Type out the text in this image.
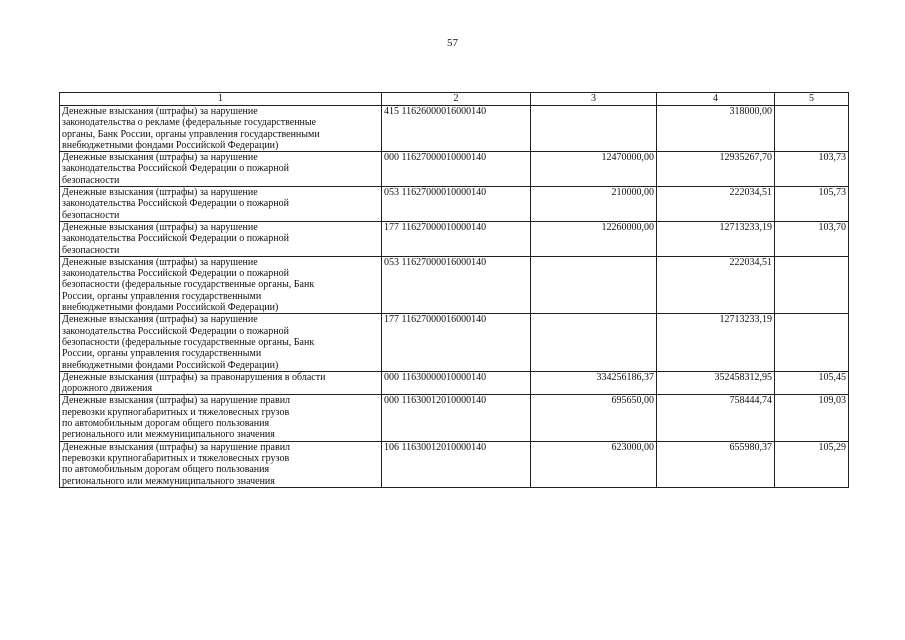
57
1	2	3	4	5
Денежные взыскания (штрафы) за нарушение
законодательства о рекламе (федеральные государственные
органы, Банк России, органы управления государственными
внебюджетными фондами Российской Федерации)	415 11626000016000140		318000,00	
Денежные взыскания (штрафы) за нарушение
законодательства Российской Федерации о пожарной
безопасности	000 11627000010000140	12470000,00	12935267,70	103,73
Денежные взыскания (штрафы) за нарушение
законодательства Российской Федерации о пожарной
безопасности	053 11627000010000140	210000,00	222034,51	105,73
Денежные взыскания (штрафы) за нарушение
законодательства Российской Федерации о пожарной
безопасности	177 11627000010000140	12260000,00	12713233,19	103,70
Денежные взыскания (штрафы) за нарушение
законодательства Российской Федерации о пожарной
безопасности (федеральные государственные органы, Банк
России, органы управления государственными
внебюджетными фондами Российской Федерации)	053 11627000016000140		222034,51	
Денежные взыскания (штрафы) за нарушение
законодательства Российской Федерации о пожарной
безопасности (федеральные государственные органы, Банк
России, органы управления государственными
внебюджетными фондами Российской Федерации)	177 11627000016000140		12713233,19	
Денежные взыскания (штрафы) за правонарушения в области
дорожного движения	000 11630000010000140	334256186,37	352458312,95	105,45
Денежные взыскания (штрафы) за нарушение правил
перевозки крупногабаритных и тяжеловесных грузов
по автомобильным дорогам общего пользования
регионального или межмуниципального значения	000 11630012010000140	695650,00	758444,74	109,03
Денежные взыскания (штрафы) за нарушение правил
перевозки крупногабаритных и тяжеловесных грузов
по автомобильным дорогам общего пользования
регионального или межмуниципального значения	106 11630012010000140	623000,00	655980,37	105,29
